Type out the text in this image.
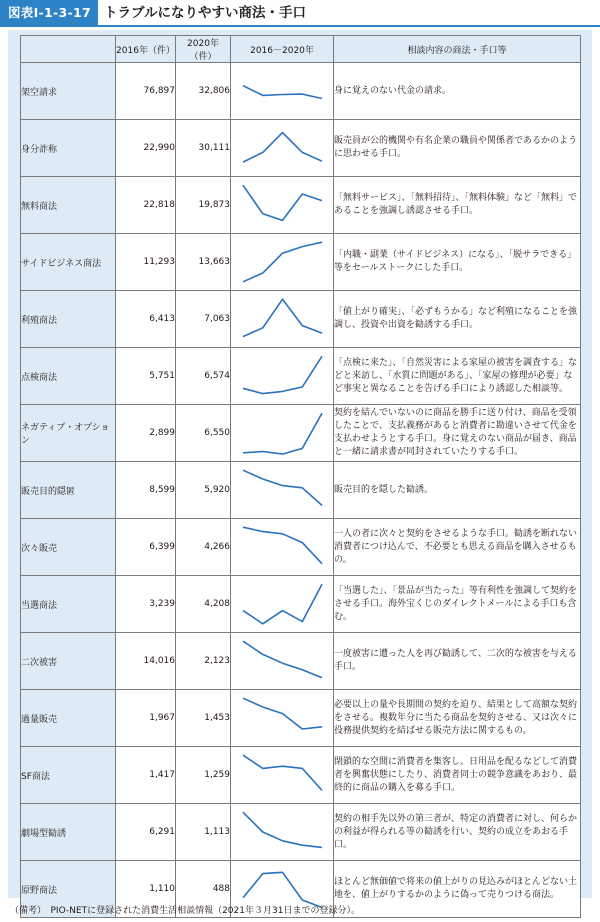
図表Ⅰ-1-3-17 トラブルになりやすい商法・手口
	2016年（件）	2020年（件）	2016－2020年	相談内容の商法・手口等
架空請求	76,897	32,806		身に覚えのない代金の請求。
身分詐称	22,990	30,111		販売員が公的機関や有名企業の職員や関係者であるかのように思わせる手口。
無料商法	22,818	19,873		「無料サービス」、「無料招待」、「無料体験」など「無料」であることを強調し誘認させる手口。
サイドビジネス商法	11,293	13,663		「内職・副業（サイドビジネス）になる」、「脱サラできる」等をセールストークにした手口。
利殖商法	6,413	7,063		「値上がり確実」、「必ずもうかる」など利殖になることを強調し、投資や出資を勧誘する手口。
点検商法	5,751	6,574		「点検に来た」、「自然災害による家屋の被害を調査する」などと来訪し、「水質に問題がある」、「家屋の修理が必要」など事実と異なることを告げる手口により誘認した相談等。
ネガティブ・オプション	2,899	6,550		契約を結んでいないのに商品を勝手に送り付け、商品を受領したことで、支払義務があると消費者に勘違いさせて代金を支払わせようとする手口。身に覚えのない商品が届き、商品と一緒に請求書が同封されていたりする手口。
販売目的隠匿	8,599	5,920		販売目的を隠した勧誘。
次々販売	6,399	4,266		一人の者に次々と契約をさせるような手口。勧誘を断れない消費者につけ込んで、不必要とも思える商品を購入させるもの。
当選商法	3,239	4,208		「当選した」、「景品が当たった」等有利性を強調して契約をさせる手口。海外宝くじのダイレクトメールによる手口も含む。
二次被害	14,016	2,123		一度被害に遭った人を再び勧誘して、二次的な被害を与える手口。
過量販売	1,967	1,453		必要以上の量や長期間の契約を迫り、結果として高額な契約をさせる。複数年分に当たる商品を契約させる、又は次々に役務提供契約を結ばせる販売方法に関するもの。
SF商法	1,417	1,259		閉鎖的な空間に消費者を集客し、日用品を配るなどして消費者を興奮状態にしたり、消費者同士の競争意識をあおり、最終的に商品の購入を募る手口。
劇場型勧誘	6,291	1,113		契約の相手先以外の第三者が、特定の消費者に対し、何らかの利益が得られる等の勧誘を行い、契約の成立をあおる手口。
原野商法	1,110	488		ほとんど無価値で将来の値上がりの見込みがほとんどない土地を、値上がりするかのように偽って売りつける商法。
（備考）　PIO-NETに登録された消費生活相談情報（2021年３月31日までの登録分）。
